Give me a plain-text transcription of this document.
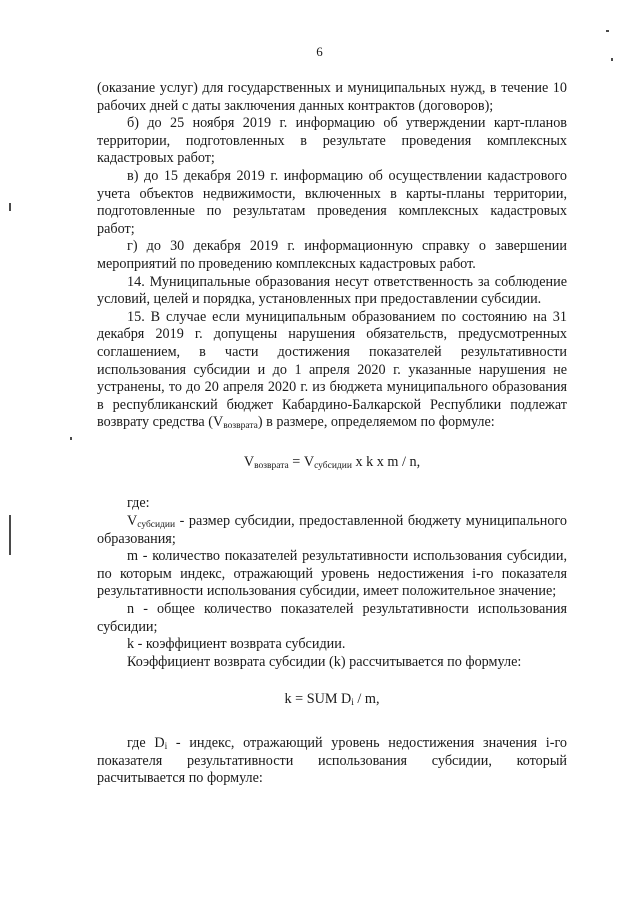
6

(оказание услуг) для государственных и муниципальных нужд, в течение 10 рабочих дней с даты заключения данных контрактов (договоров);

б) до 25 ноября 2019 г. информацию об утверждении карт-планов территории, подготовленных в результате проведения комплексных кадастровых работ;

в) до 15 декабря 2019 г. информацию об осуществлении кадастрового учета объектов недвижимости, включенных в карты-планы территории, подготовленные по результатам проведения комплексных кадастровых работ;

г) до 30 декабря 2019 г. информационную справку о завершении мероприятий по проведению комплексных кадастровых работ.

14. Муниципальные образования несут ответственность за соблюдение условий, целей и порядка, установленных при предоставлении субсидии.

15. В случае если муниципальным образованием по состоянию на 31 декабря 2019 г. допущены нарушения обязательств, предусмотренных соглашением, в части достижения показателей результативности использования субсидии и до 1 апреля 2020 г. указанные нарушения не устранены, то до 20 апреля 2020 г. из бюджета муниципального образования в республиканский бюджет Кабардино-Балкарской Республики подлежат возврату средства $(V_{возврата})$ в размере, определяемом по формуле:

$V_{возврата} = V_{субсидии}$ x k x m / n,

где:

$V_{субсидии}$ - размер субсидии, предоставленной бюджету муниципального образования;

m - количество показателей результативности использования субсидии, по которым индекс, отражающий уровень недостижения i-го показателя результативности использования субсидии, имеет положительное значение;

n - общее количество показателей результативности использования субсидии;

k - коэффициент возврата субсидии.

Коэффициент возврата субсидии (k) рассчитывается по формуле:

k = SUM $D_i$ / m,

где $D_i$ - индекс, отражающий уровень недостижения значения i-го показателя результативности использования субсидии, который расчитывается по формуле:
